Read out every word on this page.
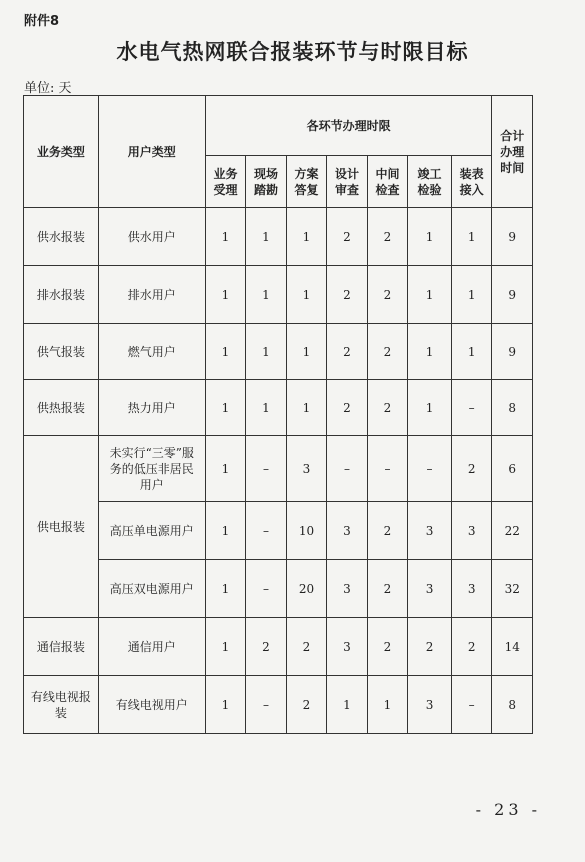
附件8
水电气热网联合报装环节与时限目标
单位: 天
业务类型	用户类型	各环节办理时限							合计办理时间
		业务受理	现场踏勘	方案答复	设计审查	中间检查	竣工检验	装表接入	
供水报装	供水用户	1	1	1	2	2	1	1	9
排水报装	排水用户	1	1	1	2	2	1	1	9
供气报装	燃气用户	1	1	1	2	2	1	1	9
供热报装	热力用户	1	1	1	2	2	1	–	8
供电报装	未实行“三零”服务的低压非居民用户	1	–	3	–	–	–	2	6
	高压单电源用户	1	–	10	3	2	3	3	22
	高压双电源用户	1	–	20	3	2	3	3	32
通信报装	通信用户	1	2	2	3	2	2	2	14
有线电视报装	有线电视用户	1	–	2	1	1	3	–	8
- 23 -
